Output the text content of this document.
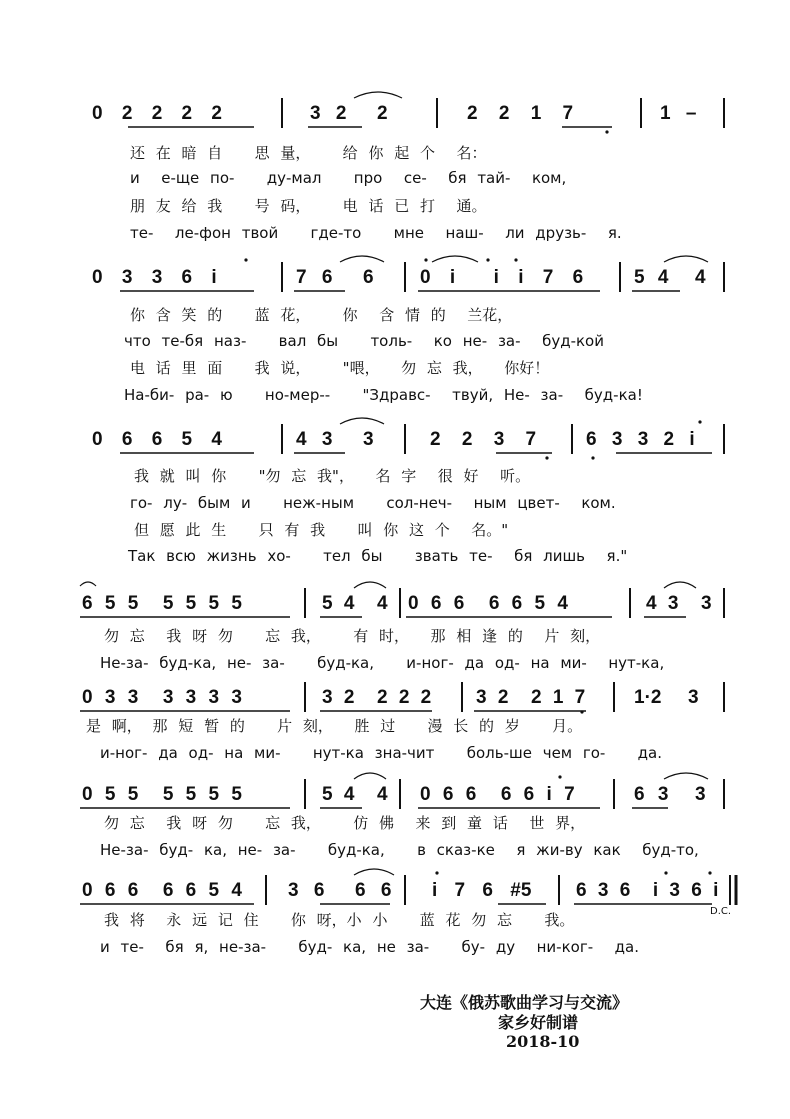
0 2 2 2 2	3 2  2	2 2 1 7	1 –
还 在 暗 自   思 量，   给 你 起 个  名：
и  е-ще по-   ду-мал   про  се-  бя тай-  ком,
朋 友 给 我   号 码，   电 话 已 打  通。
те-  ле-фон твой   где-то   мне  наш-  ли друзь-  я.
0 3 3 6 i	7 6  6 0 i  i i 7 6	5 4  4
你 含 笑 的   蓝 花，   你  含 情 的  兰花，
что те-бя наз-   вал бы   толь-  ко не- за-  буд-кой
电 话 里 面   我 说，   "喂，  勿 忘 我，  你好！
На-би- ра- ю   но-мер--   "Здравс-  твуй, Не- за-  буд-ка!
0 6 6 5 4	4 3  3	2 2 3 7	6 3 3 2 i
我 就 叫 你   "勿 忘 我"，  名 字  很 好  听。
го- лу- бым и   неж-ным   сол-неч-  ным цвет-  ком.
但 愿 此 生   只 有 我   叫 你 这 个  名。"
Так всю жизнь хо-   тел бы   звать те-  бя лишь  я."
6 5 5  5 5 5 5	5 4  4 0 6 6  6 6 5 4	4 3  3
勿 忘  我 呀 勿   忘 我，   有 时，  那 相 逢 的  片 刻，
Не-за- буд-ка, не- за-   буд-ка,   и-ног- да од- на ми-  нут-ка,
0 3 3  3 3 3 3	3 2  2 2 2 3 2  2 1 7	1·2  3
是 啊， 那 短 暂 的   片 刻，  胜 过   漫 长 的 岁   月。
и-ног- да од- на ми-   нут-ка зна-чит   боль-ше чем го-   да.
0 5 5  5 5 5 5	5 4  4 0 6 6  6 6 i 7	6 3  3
勿 忘  我 呀 勿   忘 我，   仿 佛  来 到 童 话  世 界，
Не-за- буд- ка, не- за-   буд-ка,   в сказ-ке  я жи-ву как  буд-то,
0 6 6  6 6 5 4 3 6  6 6 i 7 6 #5 6 3 6  i 3 6 i
D.C.
我 将  永 远 记 住   你 呀，小 小   蓝 花 勿 忘   我。
и те-  бя я, не-за-   буд- ка, не за-   бу- ду  ни-ког-  да.
大连《俄苏歌曲学习与交流》
家乡好制谱
2018-10
